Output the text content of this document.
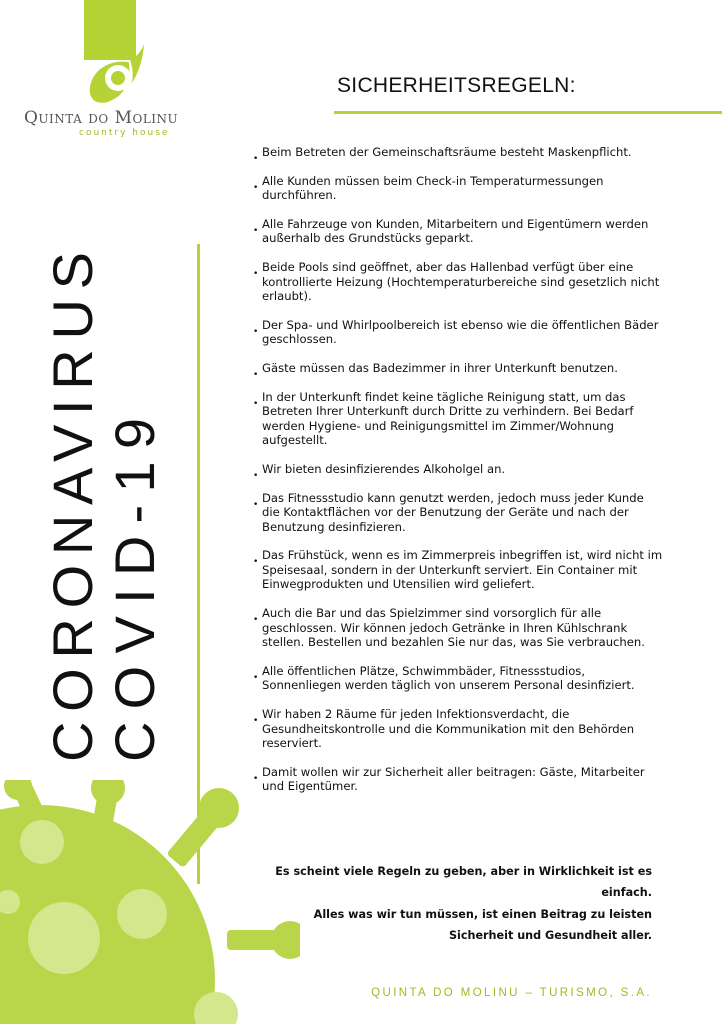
Quinta do Molinu
country house
SICHERHEITSREGELN:
CORONAVIRUS
COVID-19
• Beim Betreten der Gemeinschaftsräume besteht Maskenpflicht.
• Alle Kunden müssen beim Check-in Temperaturmessungen durchführen.
• Alle Fahrzeuge von Kunden, Mitarbeitern und Eigentümern werden außerhalb des Grundstücks geparkt.
• Beide Pools sind geöffnet, aber das Hallenbad verfügt über eine kontrollierte Heizung (Hochtemperaturbereiche sind gesetzlich nicht erlaubt).
• Der Spa- und Whirlpoolbereich ist ebenso wie die öffentlichen Bäder geschlossen.
• Gäste müssen das Badezimmer in ihrer Unterkunft benutzen.
• In der Unterkunft findet keine tägliche Reinigung statt, um das Betreten Ihrer Unterkunft durch Dritte zu verhindern. Bei Bedarf werden Hygiene- und Reinigungsmittel im Zimmer/Wohnung aufgestellt.
• Wir bieten desinfizierendes Alkoholgel an.
• Das Fitnessstudio kann genutzt werden, jedoch muss jeder Kunde die Kontaktflächen vor der Benutzung der Geräte und nach der Benutzung desinfizieren.
• Das Frühstück, wenn es im Zimmerpreis inbegriffen ist, wird nicht im Speisesaal, sondern in der Unterkunft serviert. Ein Container mit Einwegprodukten und Utensilien wird geliefert.
• Auch die Bar und das Spielzimmer sind vorsorglich für alle geschlossen. Wir können jedoch Getränke in Ihren Kühlschrank stellen. Bestellen und bezahlen Sie nur das, was Sie verbrauchen.
• Alle öffentlichen Plätze, Schwimmbäder, Fitnessstudios, Sonnenliegen werden täglich von unserem Personal desinfiziert.
• Wir haben 2 Räume für jeden Infektionsverdacht, die Gesundheitskontrolle und die Kommunikation mit den Behörden reserviert.
• Damit wollen wir zur Sicherheit aller beitragen: Gäste, Mitarbeiter und Eigentümer.
Es scheint viele Regeln zu geben, aber in Wirklichkeit ist es einfach.
Alles was wir tun müssen, ist einen Beitrag zu leisten Sicherheit und Gesundheit aller.
QUINTA DO MOLINU – TURISMO, S.A.
